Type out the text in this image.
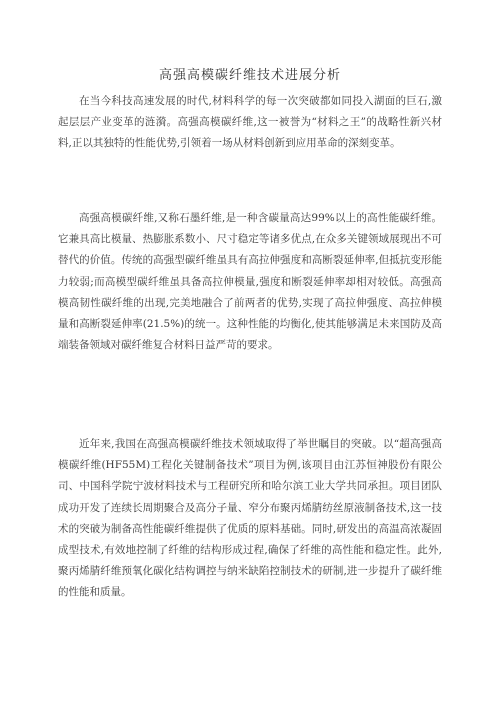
高强高模碳纤维技术进展分析
在当今科技高速发展的时代,材料科学的每一次突破都如同投入湖面的巨石,激起层层产业变革的涟漪。高强高模碳纤维,这一被誉为“材料之王”的战略性新兴材料,正以其独特的性能优势,引领着一场从材料创新到应用革命的深刻变革。
高强高模碳纤维,又称石墨纤维,是一种含碳量高达99%以上的高性能碳纤维。它兼具高比模量、热膨胀系数小、尺寸稳定等诸多优点,在众多关键领域展现出不可替代的价值。传统的高强型碳纤维虽具有高拉伸强度和高断裂延伸率,但抵抗变形能力较弱;而高模型碳纤维虽具备高拉伸模量,强度和断裂延伸率却相对较低。高强高模高韧性碳纤维的出现,完美地融合了前两者的优势,实现了高拉伸强度、高拉伸模量和高断裂延伸率(21.5%)的统一。这种性能的均衡化,使其能够满足未来国防及高端装备领域对碳纤维复合材料日益严苛的要求。
近年来,我国在高强高模碳纤维技术领域取得了举世瞩目的突破。以“超高强高模碳纤维(HF55M)工程化关键制备技术”项目为例,该项目由江苏恒神股份有限公司、中国科学院宁波材料技术与工程研究所和哈尔滨工业大学共同承担。项目团队成功开发了连续长周期聚合及高分子量、窄分布聚丙烯腈纺丝原液制备技术,这一技术的突破为制备高性能碳纤维提供了优质的原料基础。同时,研发出的高温高浓凝固成型技术,有效地控制了纤维的结构形成过程,确保了纤维的高性能和稳定性。此外,聚丙烯腈纤维预氧化碳化结构调控与纳米缺陷控制技术的研制,进一步提升了碳纤维的性能和质量。
